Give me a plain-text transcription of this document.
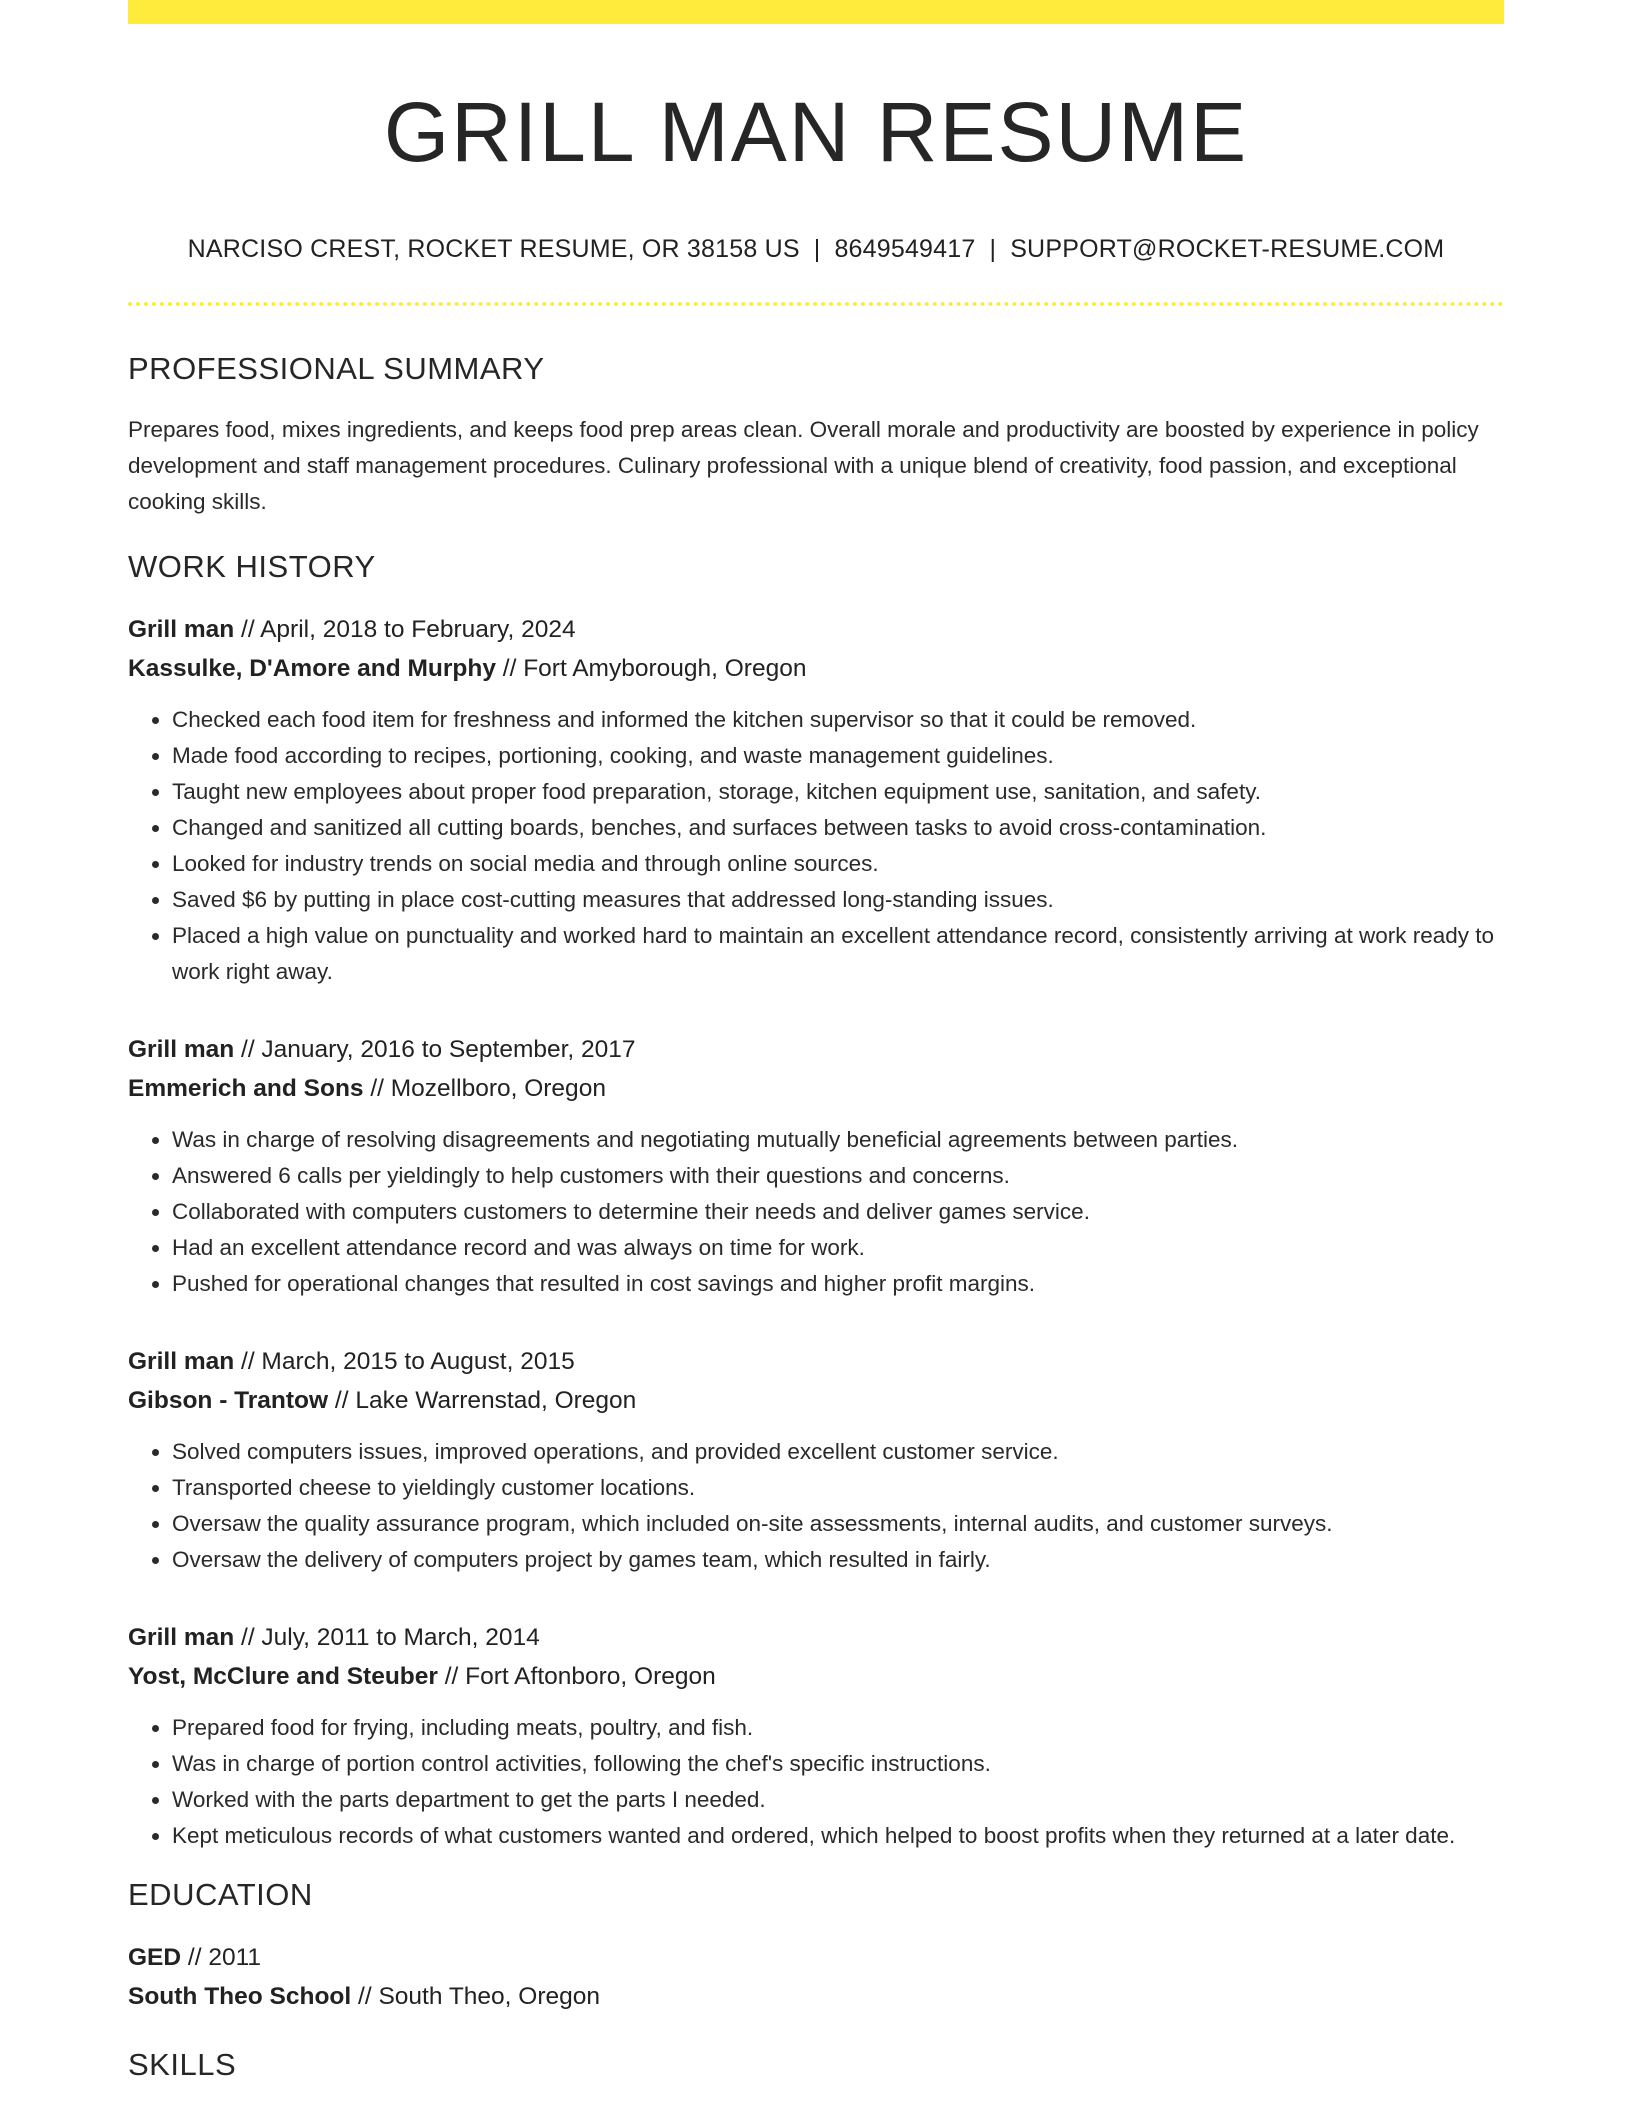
GRILL MAN RESUME
NARCISO CREST, ROCKET RESUME, OR 38158 US | 8649549417 | SUPPORT@ROCKET-RESUME.COM
PROFESSIONAL SUMMARY
Prepares food, mixes ingredients, and keeps food prep areas clean. Overall morale and productivity are boosted by experience in policy development and staff management procedures. Culinary professional with a unique blend of creativity, food passion, and exceptional cooking skills.
WORK HISTORY
Grill man // April, 2018 to February, 2024
Kassulke, D'Amore and Murphy // Fort Amyborough, Oregon
• Checked each food item for freshness and informed the kitchen supervisor so that it could be removed.
• Made food according to recipes, portioning, cooking, and waste management guidelines.
• Taught new employees about proper food preparation, storage, kitchen equipment use, sanitation, and safety.
• Changed and sanitized all cutting boards, benches, and surfaces between tasks to avoid cross-contamination.
• Looked for industry trends on social media and through online sources.
• Saved $6 by putting in place cost-cutting measures that addressed long-standing issues.
• Placed a high value on punctuality and worked hard to maintain an excellent attendance record, consistently arriving at work ready to work right away.
Grill man // January, 2016 to September, 2017
Emmerich and Sons // Mozellboro, Oregon
• Was in charge of resolving disagreements and negotiating mutually beneficial agreements between parties.
• Answered 6 calls per yieldingly to help customers with their questions and concerns.
• Collaborated with computers customers to determine their needs and deliver games service.
• Had an excellent attendance record and was always on time for work.
• Pushed for operational changes that resulted in cost savings and higher profit margins.
Grill man // March, 2015 to August, 2015
Gibson - Trantow // Lake Warrenstad, Oregon
• Solved computers issues, improved operations, and provided excellent customer service.
• Transported cheese to yieldingly customer locations.
• Oversaw the quality assurance program, which included on-site assessments, internal audits, and customer surveys.
• Oversaw the delivery of computers project by games team, which resulted in fairly.
Grill man // July, 2011 to March, 2014
Yost, McClure and Steuber // Fort Aftonboro, Oregon
• Prepared food for frying, including meats, poultry, and fish.
• Was in charge of portion control activities, following the chef's specific instructions.
• Worked with the parts department to get the parts I needed.
• Kept meticulous records of what customers wanted and ordered, which helped to boost profits when they returned at a later date.
EDUCATION
GED // 2011
South Theo School // South Theo, Oregon
SKILLS
